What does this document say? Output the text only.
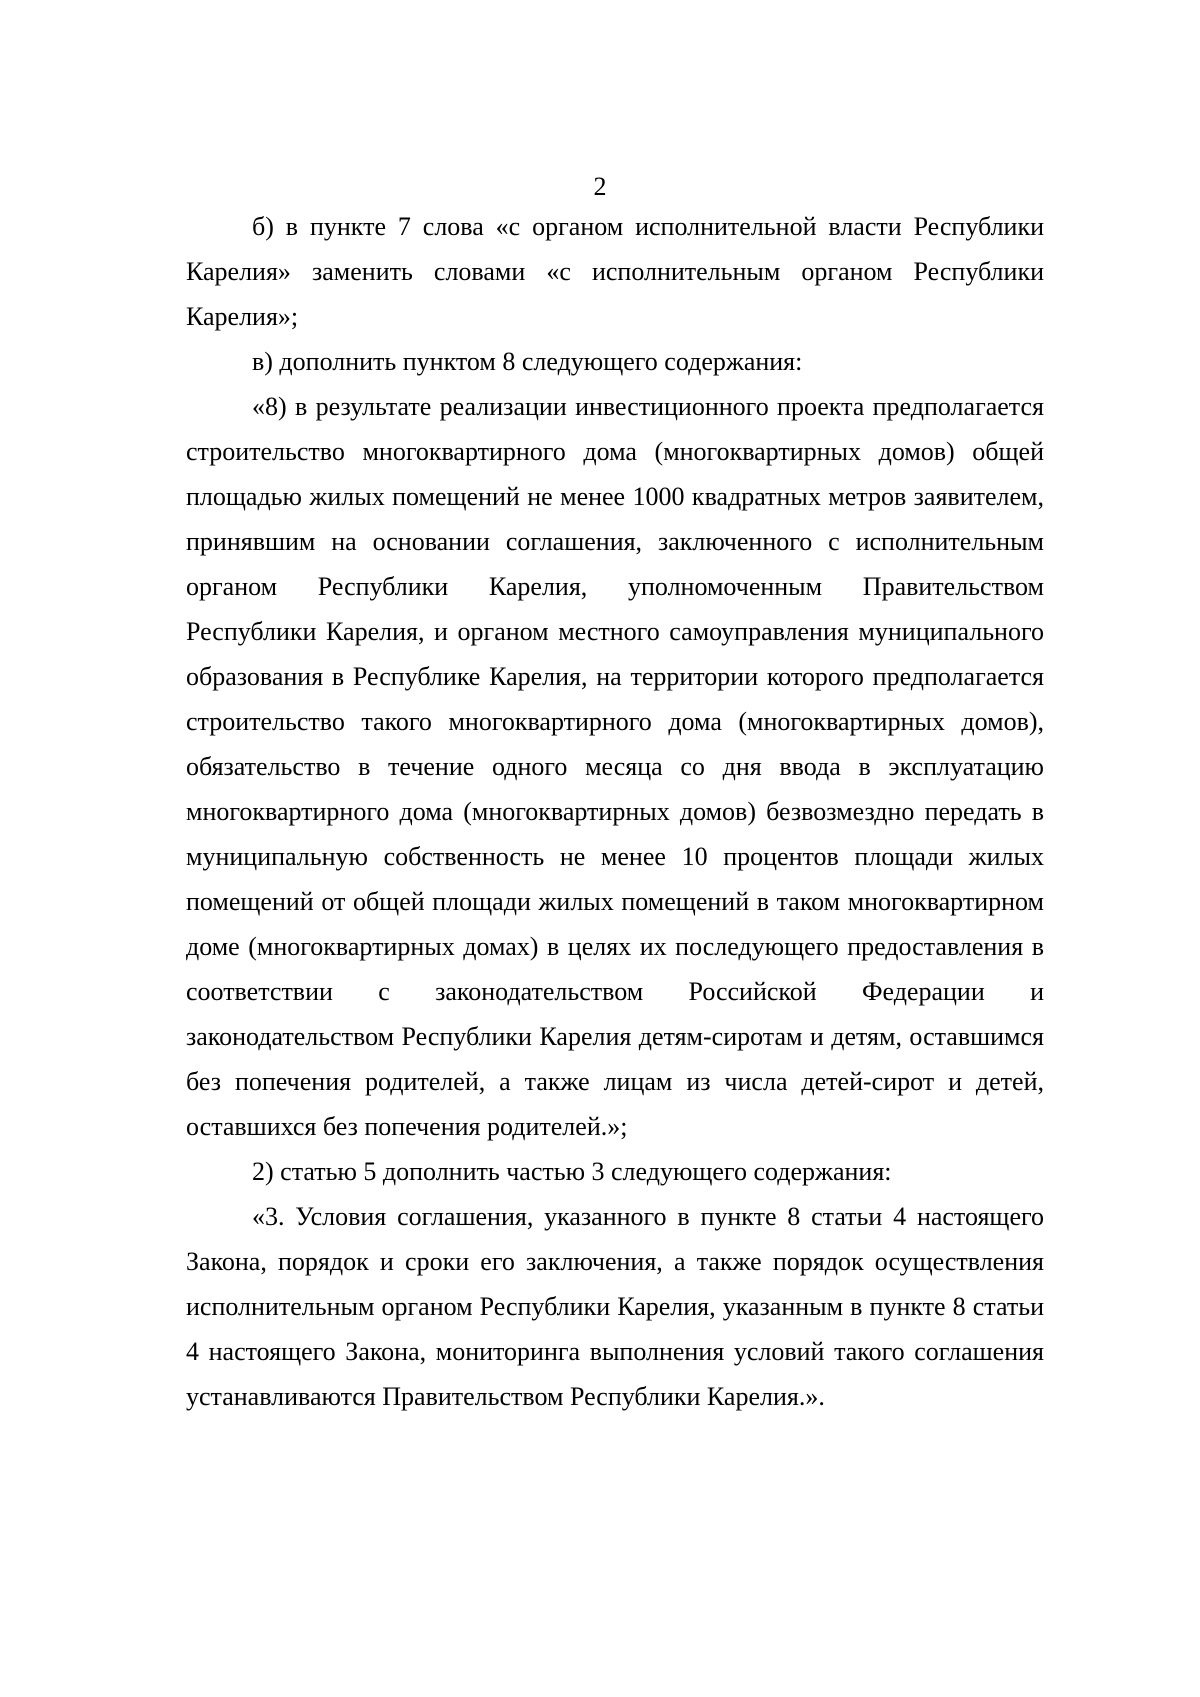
2

б) в пункте 7 слова «с органом исполнительной власти Республики Карелия» заменить словами «с исполнительным органом Республики Карелия»;

в) дополнить пунктом 8 следующего содержания:

«8) в результате реализации инвестиционного проекта предполагается строительство многоквартирного дома (многоквартирных домов) общей площадью жилых помещений не менее 1000 квадратных метров заявителем, принявшим на основании соглашения, заключенного с исполнительным органом Республики Карелия, уполномоченным Правительством Республики Карелия, и органом местного самоуправления муниципального образования в Республике Карелия, на территории которого предполагается строительство такого многоквартирного дома (многоквартирных домов), обязательство в течение одного месяца со дня ввода в эксплуатацию многоквартирного дома (многоквартирных домов) безвозмездно передать в муниципальную собственность не менее 10 процентов площади жилых помещений от общей площади жилых помещений в таком многоквартирном доме (многоквартирных домах) в целях их последующего предоставления в соответствии с законодательством Российской Федерации и законодательством Республики Карелия детям-сиротам и детям, оставшимся без попечения родителей, а также лицам из числа детей-сирот и детей, оставшихся без попечения родителей.»;

2) статью 5 дополнить частью 3 следующего содержания:

«3. Условия соглашения, указанного в пункте 8 статьи 4 настоящего Закона, порядок и сроки его заключения, а также порядок осуществления исполнительным органом Республики Карелия, указанным в пункте 8 статьи 4 настоящего Закона, мониторинга выполнения условий такого соглашения устанавливаются Правительством Республики Карелия.».
